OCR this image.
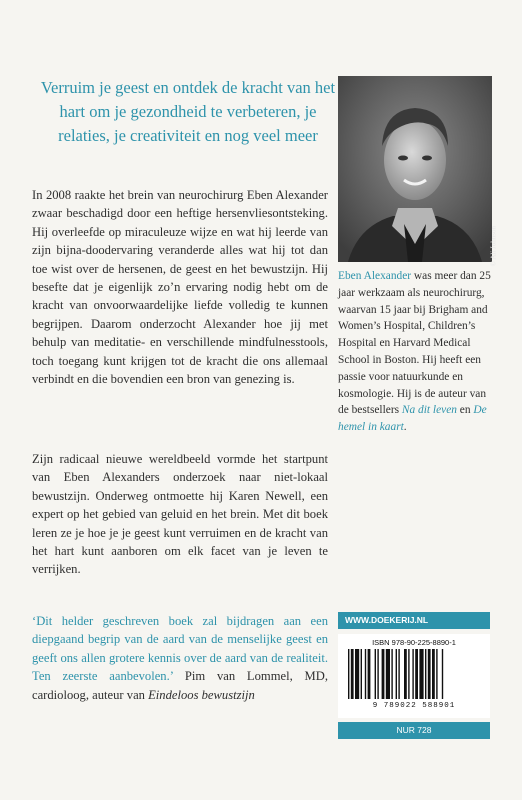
Verruim je geest en ontdek de kracht van het hart om je gezondheid te verbeteren, je relaties, je creativiteit en nog veel meer
In 2008 raakte het brein van neurochirurg Eben Alexander zwaar beschadigd door een heftige hersenvliesontsteking. Hij overleefde op miraculeuze wijze en wat hij leerde van zijn bijna-doodervaring veranderde alles wat hij tot dan toe wist over de hersenen, de geest en het bewustzijn. Hij besefte dat je eigenlijk zo’n ervaring nodig hebt om de kracht van onvoorwaardelijke liefde volledig te kunnen begrijpen. Daarom onderzocht Alexander hoe jij met behulp van meditatie- en verschillende mindfulnesstools, toch toegang kunt krijgen tot de kracht die ons allemaal verbindt en die bovendien een bron van genezing is.
Zijn radicaal nieuwe wereldbeeld vormde het startpunt van Eben Alexanders onderzoek naar niet-lokaal bewustzijn. Onderweg ontmoette hij Karen Newell, een expert op het gebied van geluid en het brein. Met dit boek leren ze je hoe je je geest kunt verruimen en de kracht van het hart kunt aanboren om elk facet van je leven te verrijken.
‘Dit helder geschreven boek zal bijdragen aan een diepgaand begrip van de aard van de menselijke geest en geeft ons allen grotere kennis over de aard van de realiteit. Ten zeerste aanbevolen.’ Pim van Lommel, MD, cardioloog, auteur van Eindeloos bewustzijn
© Ali Johnson
Eben Alexander was meer dan 25 jaar werkzaam als neurochirurg, waarvan 15 jaar bij Brigham and Women’s Hospital, Children’s Hospital en Harvard Medical School in Boston. Hij heeft een passie voor natuurkunde en kosmologie. Hij is de auteur van de bestsellers Na dit leven en De hemel in kaart.
WWW.DOEKERIJ.NL
ISBN 978-90-225-8890-1
9 789022 588901
NUR 728
